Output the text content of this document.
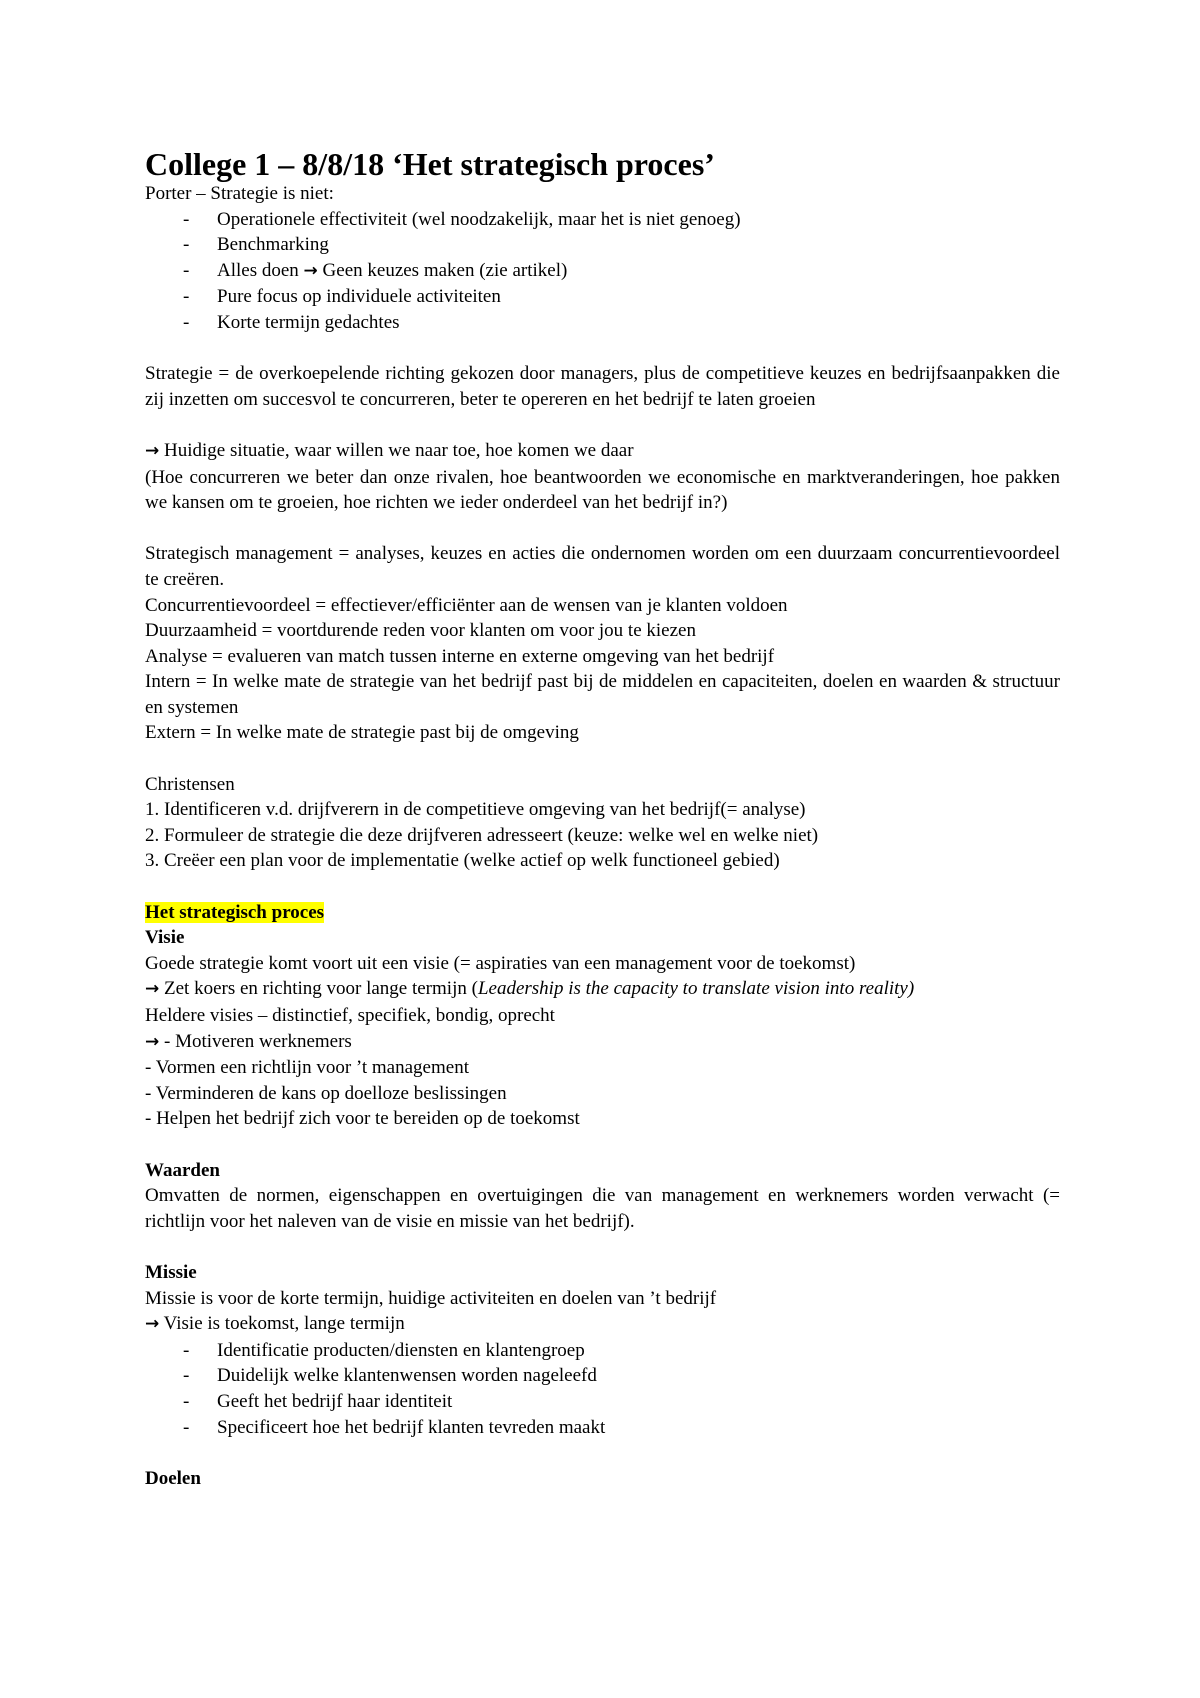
College 1 – 8/8/18 ‘Het strategisch proces’

Porter – Strategie is niet:

- Operationele effectiviteit (wel noodzakelijk, maar het is niet genoeg)
- Benchmarking
- Alles doen → Geen keuzes maken (zie artikel)
- Pure focus op individuele activiteiten
- Korte termijn gedachtes

Strategie = de overkoepelende richting gekozen door managers, plus de competitieve keuzes en bedrijfsaanpakken die zij inzetten om succesvol te concurreren, beter te opereren en het bedrijf te laten groeien

→ Huidige situatie, waar willen we naar toe, hoe komen we daar

(Hoe concurreren we beter dan onze rivalen, hoe beantwoorden we economische en marktveranderingen, hoe pakken we kansen om te groeien, hoe richten we ieder onderdeel van het bedrijf in?)

Strategisch management = analyses, keuzes en acties die ondernomen worden om een duurzaam concurrentievoordeel te creëren.

Concurrentievoordeel = effectiever/efficiënter aan de wensen van je klanten voldoen

Duurzaamheid = voortdurende reden voor klanten om voor jou te kiezen

Analyse = evalueren van match tussen interne en externe omgeving van het bedrijf

Intern = In welke mate de strategie van het bedrijf past bij de middelen en capaciteiten, doelen en waarden & structuur en systemen

Extern = In welke mate de strategie past bij de omgeving

Christensen

1. Identificeren v.d. drijfverern in de competitieve omgeving van het bedrijf(= analyse)

2. Formuleer de strategie die deze drijfveren adresseert (keuze: welke wel en welke niet)

3. Creëer een plan voor de implementatie (welke actief op welk functioneel gebied)

Het strategisch proces

Visie

Goede strategie komt voort uit een visie (= aspiraties van een management voor de toekomst)

→ Zet koers en richting voor lange termijn (Leadership is the capacity to translate vision into reality)

Heldere visies – distinctief, specifiek, bondig, oprecht

→ - Motiveren werknemers

- Vormen een richtlijn voor ’t management

- Verminderen de kans op doelloze beslissingen

- Helpen het bedrijf zich voor te bereiden op de toekomst

Waarden

Omvatten de normen, eigenschappen en overtuigingen die van management en werknemers worden verwacht (= richtlijn voor het naleven van de visie en missie van het bedrijf).

Missie

Missie is voor de korte termijn, huidige activiteiten en doelen van ’t bedrijf

→ Visie is toekomst, lange termijn

- Identificatie producten/diensten en klantengroep
- Duidelijk welke klantenwensen worden nageleefd
- Geeft het bedrijf haar identiteit
- Specificeert hoe het bedrijf klanten tevreden maakt

Doelen
